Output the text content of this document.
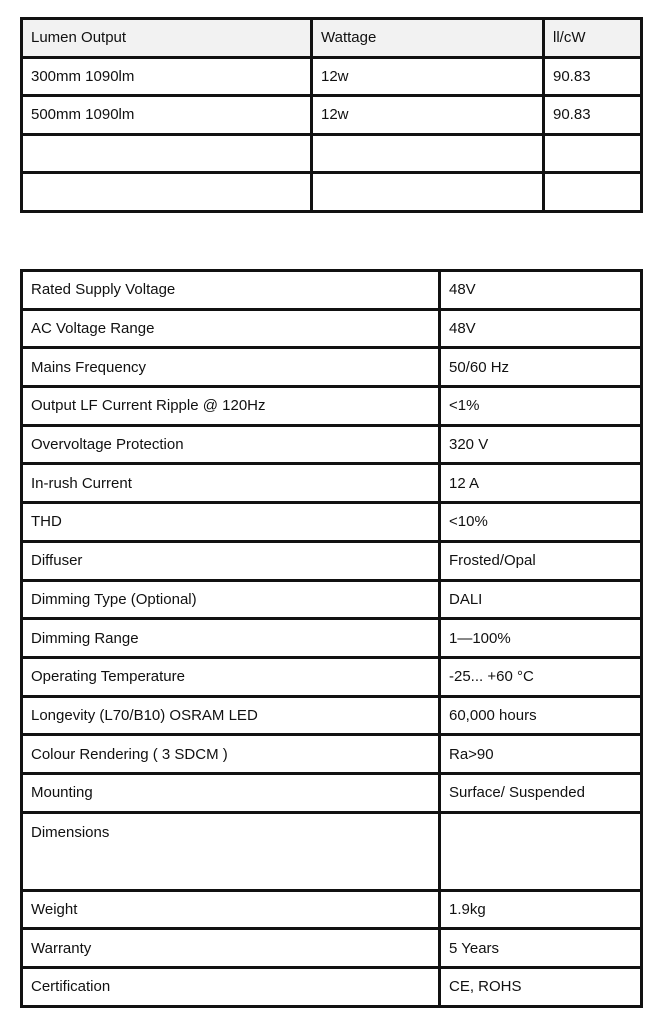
Lumen Output	Wattage	ll/cW
300mm 1090lm	12w	90.83
500mm 1090lm	12w	90.83

Rated Supply Voltage	48V
AC Voltage Range	48V
Mains Frequency	50/60 Hz
Output LF Current Ripple @ 120Hz	<1%
Overvoltage Protection	320 V
In-rush Current	12 A
THD	<10%
Diffuser	Frosted/Opal
Dimming Type (Optional)	DALI
Dimming Range	1—100%
Operating Temperature	-25... +60 °C
Longevity (L70/B10) OSRAM LED	60,000 hours
Colour Rendering ( 3 SDCM )	Ra>90
Mounting	Surface/ Suspended
Dimensions	
Weight	1.9kg
Warranty	5 Years
Certification	CE, ROHS
